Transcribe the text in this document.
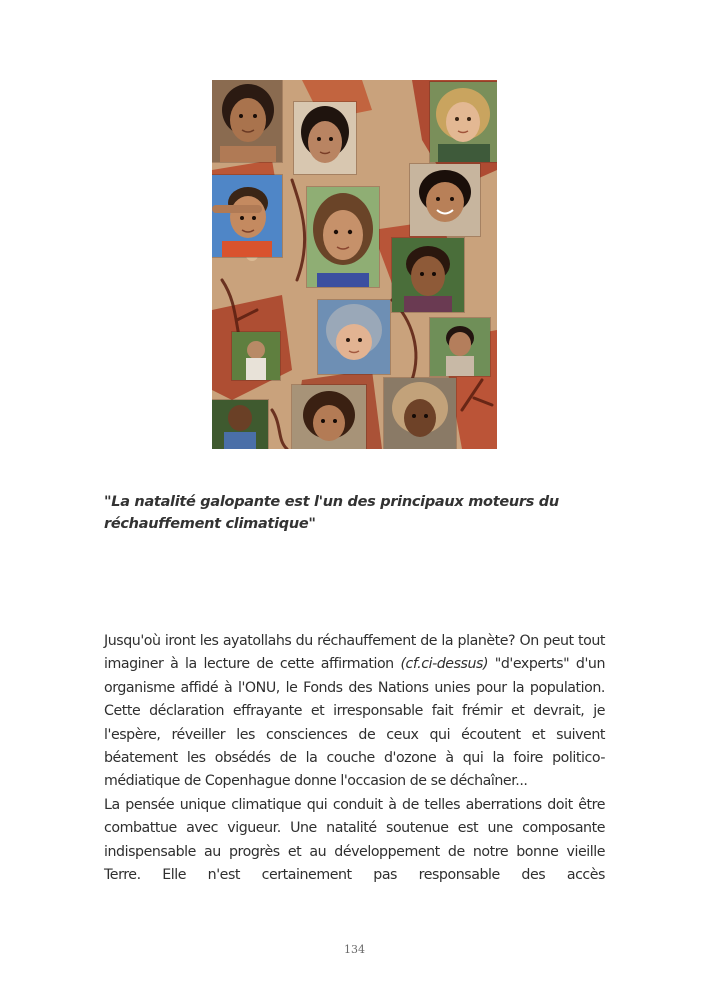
"La natalité galopante est l'un des principaux moteurs du réchauffement climatique"

Jusqu'où iront les ayatollahs du réchauffement de la planète? On peut tout imaginer à la lecture de cette affirmation (cf.ci-dessus) "d'experts" d'un organisme affidé à l'ONU, le Fonds des Nations unies pour la population. Cette déclaration effrayante et irresponsable fait frémir et devrait, je l'espère, réveiller les consciences de ceux qui écoutent et suivent béatement les obsédés de la couche d'ozone à qui la foire politico-médiatique de Copenhague donne l'occasion de se déchaîner...

La pensée unique climatique qui conduit à de telles aberrations doit être combattue avec vigueur. Une natalité soutenue est une composante indispensable au progrès et au développement de notre bonne vieille Terre. Elle n'est certainement pas responsable des accès

134
